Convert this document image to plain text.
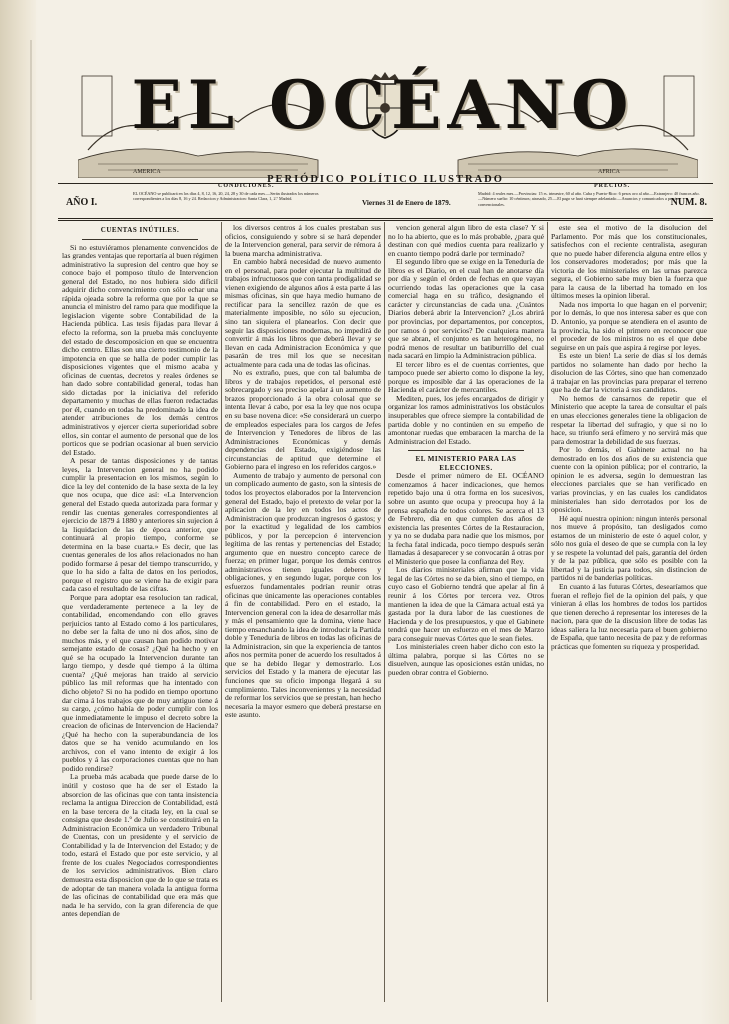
AMERICA	AFRICA
EL OCÉANO
PERIÓDICO POLÍTICO ILUSTRADO
AÑO I.
CONDICIONES.
EL OCÉANO se publicará en los días 4, 8, 12, 16, 20, 24, 28 y 30 de cada mes.—Serán ilustrados los números correspondientes a los días 8, 16 y 24. Redaccion y Administracion: Santa Clara, 1, 2.º Madrid.
Viernes 31 de Enero de 1879.
PRECIOS.
Madrid: 4 reales mes.—Provincias: 15 rs. trimestre, 60 al año. Cuba y Puerto-Rico: 6 pesos oro al año.—Extranjero: 40 francos año.—Número suelto: 10 céntimos; atrasado, 25.—El pago se hará siempre adelantado.—Anuncios y comunicados a precios convencionales.	NUM. 8.

CUENTAS INÚTILES.

Si no estuviéramos plenamente convencidos de las grandes ventajas que reportaría al buen régimen administrativo la supresion del centro que hoy se conoce bajo el pomposo título de Intervencion general del Estado, no nos hubiera sido difícil adquirir dicho convencimiento con sólo echar una rápida ojeada sobre la reforma que por la que se anuncia el ministro del ramo para que modifique la legislacion vigente sobre Contabilidad de la Hacienda pública. Las tesis fijadas para llevar á efecto la reforma, son la prueba más concluyente del estado de descomposicion en que se encuentra dicho centro. Ellas son una cierto testimonio de la impotencia en que se halla de poder cumplir las disposiciones vigentes que el mismo acaba y oficinas de cuentas, decretos y reales órdenes se han dado sobre contabilidad general, todas han sido dictadas por la iniciativa del referido departamento y muchas de ellas fueron redactadas por él, cuando en todas ha predominado la idea de atender atribuciones de los demás centros administrativos y ejercer cierta superioridad sobre ellos, sin contar el aumento de personal que de los porticos que se podrían ocasionar al buen servicio del Estado.

A pesar de tantas disposiciones y de tantas leyes, la Intervencion general no ha podido cumplir la presentacion en los mismos, según lo dice la ley del contenido de la base sexta de la ley que nos ocupa, que dice así: «La Intervencion general del Estado queda autorizada para formar y rendir las cuentas generales correspondientes al ejercicio de 1879 á 1880 y anteriores sin sujecion á la liquidacion de las de época anterior, que continuará al propio tiempo, conforme se determina en la base cuarta.» Es decir, que las cuentas generales de los años relacionados no han podido formarse á pesar del tiempo transcurrido, y que lo ha sido a falta de datos en los periodos, porque el registro que se viene ha de exigir para cada caso el resultado de las cifras.

Porque para adoptar esa resolucion tan radical, que verdaderamente pertenece a la ley de contabilidad, encomendando con ello graves perjuicios tanto al Estado como á los particulares, no debe ser la falta de uno ni dos años, sino de muchos más, y el que causan han podido motivar semejante estado de cosas? ¿Qué ha hecho y en qué se ha ocupado la Intervencion durante tan largo tiempo, y desde qué tiempo á la última cuenta? ¿Qué mejoras han traido al servicio público las mil reformas que ha intentado con dicho objeto? Si no ha podido en tiempo oportuno dar cima á los trabajos que de muy antiguo tiene á su cargo, ¿cómo había de poder cumplir con los que inmediatamente le impuso el decreto sobre la creacion de oficinas de Intervencion de Hacienda? ¿Qué ha hecho con la superabundancia de los datos que se ha venido acumulando en los archivos, con el vano intento de exigir á los pueblos y á las corporaciones cuentas que no han podido rendirse?

La prueba más acabada que puede darse de lo inútil y costoso que ha de ser el Estado la absorcion de las oficinas que con tanta insistencia reclama la antigua Direccion de Contabilidad, está en la base tercera de la citada ley, en la cual se consigna que desde 1.º de Julio se constituirá en la Administracion Económica un verdadero Tribunal de Cuentas, con un presidente y el servicio de Contabilidad y la de Intervencion del Estado; y de todo, estará el Estado que por este servicio, y al frente de los cuales Negociados correspondientes de los servicios administrativos. Bien claro demuestra esta disposicion que de lo que se trata es de adoptar de tan manera volada la antigua forma de las oficinas de contabilidad que era más que nada le ha servido, con la gran diferencia de que antes dependían de

los diversos centros á los cuales prestaban sus oficios, consiguiendo y sobre si se hará depender de la Intervencion general, para servir de rémora á la buena marcha administrativa.

En cambio habrá necesidad de nuevo aumento en el personal, para poder ejecutar la multitud de trabajos infructuosos que con tanta prodigalidad se vienen exigiendo de algunos años á esta parte á las mismas oficinas, sin que haya medio humano de rectificar para la sencillez razón de que es materialmente imposible, no sólo su ejecucion, sino tan siquiera el planearlos. Con decir que seguir las disposiciones modernas, no impedirá de convertir á más los libros que deberá llevar y se llevan en cada Administracion Económica y que pasarán de tres mil los que se necesitan actualmente para cada una de todas las oficinas.

No es extraño, pues, que con tal balumba de libros y de trabajos repetidos, el personal esté sobrecargado y sea preciso apelar á un aumento de brazos proporcionado á la obra colosal que se intenta llevar á cabo, por esa la ley que nos ocupa en su base novena dice: «Se considerará un cuerpo de empleados especiales para los cargos de Jefes de Intervencion y Tenedores de libros de las Administraciones Económicas y demás dependencias del Estado, exigiéndose las circunstancias de aptitud que determine el Gobierno para el ingreso en los referidos cargos.»

Aumento de trabajo y aumento de personal con un complicado aumento de gasto, son la síntesis de todos los proyectos elaborados por la Intervencion general del Estado, bajo el pretexto de velar por la aplicacion de la ley en todos los actos de Administracion que produzcan ingresos ó gastos; y por la exactitud y legalidad de los cambios públicos, y por la percepcion é intervencion legítima de las rentas y pertenencias del Estado; argumento que en nuestro concepto carece de fuerza; en primer lugar, porque los demás centros administrativos tienen iguales deberes y obligaciones, y en segundo lugar, porque con los esfuerzos fundamentales podrían reunir otras oficinas que únicamente las operaciones contables á fin de contabilidad. Pero en el estado, la Intervencion general con la idea de desarrollar más y más el pensamiento que la domina, viene hace tiempo ensanchando la idea de introducir la Partida doble y Teneduría de libros en todas las oficinas de la Administracion, sin que la experiencia de tantos años nos permita poner de acuerdo los resultados á que se ha debido llegar y demostrarlo. Los servicios del Estado y la manera de ejecutar las funciones que su oficio imponga llegará á su cumplimiento. Tales inconvenientes y la necesidad de reformar los servicios que se prestan, han hecho necesaria la mayor esmero que deberá prestarse en este asunto.

vencion general algun libro de esta clase? Y si no lo ha abierto, que es lo más probable, ¿para qué destinan con qué medios cuenta para realizarlo y en cuanto tiempo podrá darle por terminado?

El segundo libro que se exige en la Teneduría de libros es el Diario, en el cual han de anotarse día por día y según el órden de fechas en que vayan ocurriendo todas las operaciones que la casa comercial haga en su tráfico, designando el carácter y circunstancias de cada una. ¿Cuántos Diarios deberá abrir la Intervencion? ¿Los abrirá por provincias, por departamentos, por conceptos, por ramos ó por servicios? De cualquiera manera que se abran, el conjunto es tan heterogéneo, no podrá menos de resultar un batiburrillo del cual nada sacará en limpio la Administracion pública.

El tercer libro es el de cuentas corrientes, que tampoco puede ser abierto como lo dispone la ley, porque es imposible dar á las operaciones de la Hacienda el carácter de mercantiles.

Mediten, pues, los jefes encargados de dirigir y organizar los ramos administrativos los obstáculos insuperables que ofrece siempre la contabilidad de partida doble y no continúen en su empeño de amontonar ruedas que embaracen la marcha de la Administracion del Estado.

EL MINISTERIO PARA LAS ELECCIONES.

Desde el primer número de EL OCÉANO comenzamos á hacer indicaciones, que hemos repetido bajo una ú otra forma en los sucesivos, sobre un asunto que ocupa y preocupa hoy á la prensa española de todos colores. Se acerca el 13 de Febrero, día en que cumplen dos años de existencia las presentes Córtes de la Restauracion, y ya no se dudaba para nadie que los mismos, por la fecha fatal indicada, poco tiempo después serán llamadas á desaparecer y se convocarán á otras por el Ministerio que posee la confianza del Rey.

Los diarios ministeriales afirman que la vida legal de las Córtes no se da bien, sino el tiempo, en cuyo caso el Gobierno tendrá que apelar al fin á reunir á los Córtes por tercera vez. Otros mantienen la idea de que la Cámara actual está ya gastada por la dura labor de las cuestiones de Hacienda y de los presupuestos, y que el Gabinete tendrá que hacer un esfuerzo en el mes de Marzo para conseguir nuevas Córtes que le sean fieles.

Los ministeriales creen haber dicho con esto la última palabra, porque si las Córtes no se disuelven, aunque las oposiciones están unidas, no pueden obrar contra el Gobierno.

este sea el motivo de la disolucion del Parlamento. Por más que los constitucionales, satisfechos con el reciente centralista, aseguran que no puede haber diferencia alguna entre ellos y los conservadores moderados; por más que la victoria de los ministeriales en las urnas parezca segura, el Gobierno sabe muy bien la fuerza que para la causa de la libertad ha tomado en los últimos meses la opinion liberal.

Nada nos importa lo que hagan en el porvenir; por lo demás, lo que nos interesa saber es que con D. Antonio, ya porque se atendiera en el asunto de la provincia, ha sido el primero en reconocer que el proceder de los ministros no es el que debe seguirse en un país que aspira á regirse por leyes.

Es este un bien! La serie de días sí los demás partidos no solamente han dado por hecho la disolucion de las Córtes, sino que han comenzado á trabajar en las provincias para preparar el terreno que ha de dar la victoria á sus candidatos.

No hemos de cansarnos de repetir que el Ministerio que acepte la tarea de consultar el país en unas elecciones generales tiene la obligacion de respetar la libertad del sufragio, y que si no lo hace, su triunfo será efímero y no servirá más que para demostrar la debilidad de sus fuerzas.

Por lo demás, el Gabinete actual no ha demostrado en los dos años de su existencia que cuente con la opinion pública; por el contrario, la opinion le es adversa, según lo demuestran las elecciones parciales que se han verificado en varias provincias, y en las cuales los candidatos ministeriales han sido derrotados por los de oposicion.

Hé aquí nuestra opinion: ningun interés personal nos mueve á propósito, tan desligados como estamos de un ministerio de este ó aquel color, y sólo nos guía el deseo de que se cumpla con la ley y se respete la voluntad del país, garantía del órden y de la paz pública, que sólo es posible con la libertad y la justicia para todos, sin distincion de partidos ni de banderías políticas.

En cuanto á las futuras Córtes, desearíamos que fueran el reflejo fiel de la opinion del país, y que vinieran á ellas los hombres de todos los partidos que tienen derecho á representar los intereses de la nacion, para que de la discusion libre de todas las ideas saliera la luz necesaria para el buen gobierno de España, que tanto necesita de paz y de reformas prácticas que fomenten su riqueza y prosperidad.
